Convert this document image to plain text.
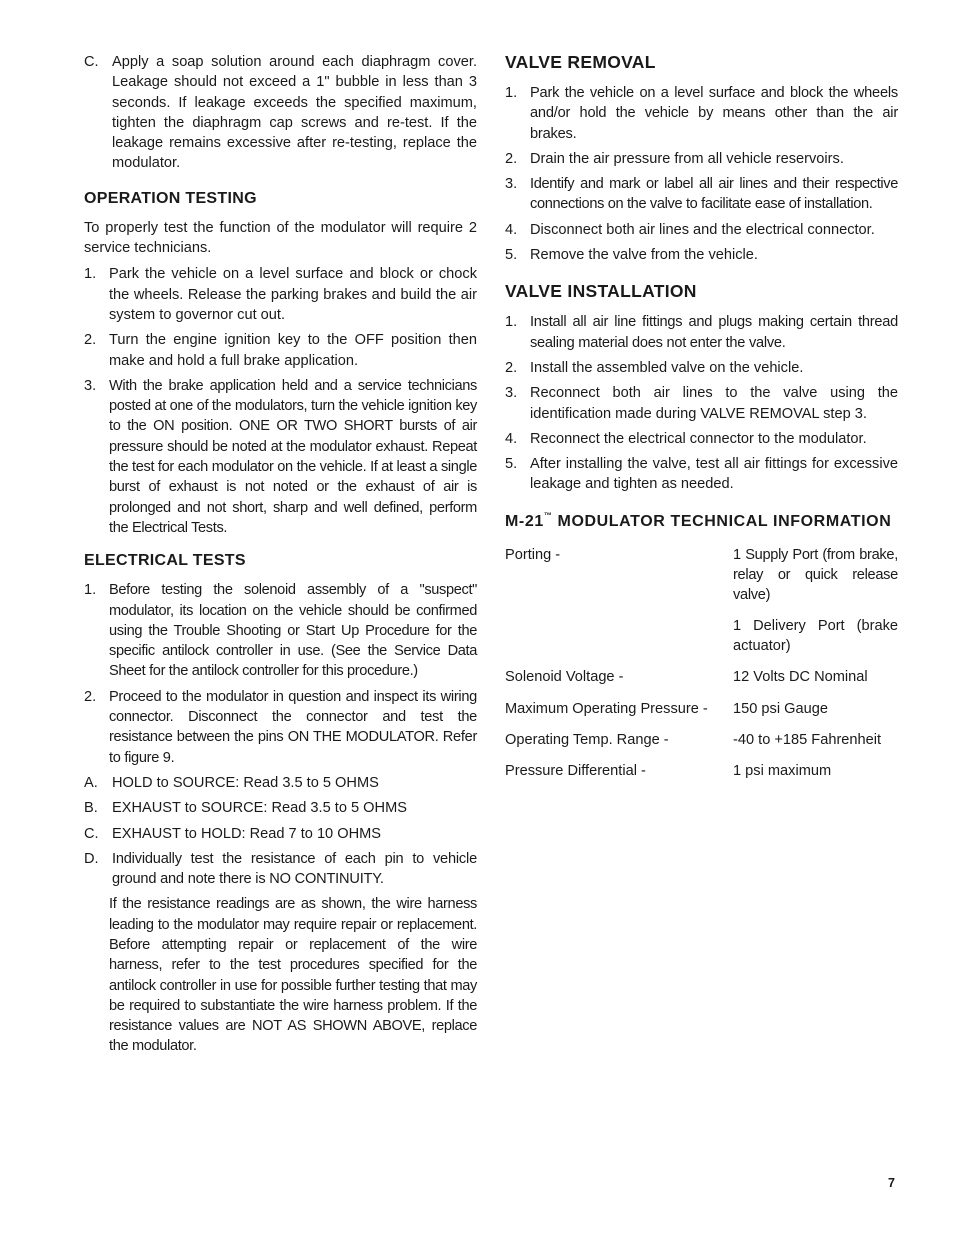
C. Apply a soap solution around each diaphragm cover. Leakage should not exceed a 1" bubble in less than 3 seconds. If leakage exceeds the specified maximum, tighten the diaphragm cap screws and re-test. If the leakage remains excessive after re-testing, replace the modulator.
OPERATION TESTING

To properly test the function of the modulator will require 2 service technicians.

1. Park the vehicle on a level surface and block or chock the wheels. Release the parking brakes and build the air system to governor cut out.
2. Turn the engine ignition key to the OFF position then make and hold a full brake application.
3. With the brake application held and a service technicians posted at one of the modulators, turn the vehicle ignition key to the ON position. ONE OR TWO SHORT bursts of air pressure should be noted at the modulator exhaust. Repeat the test for each modulator on the vehicle. If at least a single burst of exhaust is not noted or the exhaust of air is prolonged and not short, sharp and well defined, perform the Electrical Tests.
ELECTRICAL TESTS
1. Before testing the solenoid assembly of a "suspect" modulator, its location on the vehicle should be confirmed using the Trouble Shooting or Start Up Procedure for the specific antilock controller in use. (See the Service Data Sheet for the antilock controller for this procedure.)
2. Proceed to the modulator in question and inspect its wiring connector. Disconnect the connector and test the resistance between the pins ON THE MODULATOR. Refer to figure 9.
A. HOLD to SOURCE: Read 3.5 to 5 OHMS
B. EXHAUST to SOURCE: Read 3.5 to 5 OHMS
C. EXHAUST to HOLD: Read 7 to 10 OHMS
D. Individually test the resistance of each pin to vehicle ground and note there is NO CONTINUITY.
If the resistance readings are as shown, the wire harness leading to the modulator may require repair or replacement. Before attempting repair or replacement of the wire harness, refer to the test procedures specified for the antilock controller in use for possible further testing that may be required to substantiate the wire harness problem. If the resistance values are NOT AS SHOWN ABOVE, replace the modulator.
VALVE REMOVAL
1. Park the vehicle on a level surface and block the wheels and/or hold the vehicle by means other than the air brakes.
2. Drain the air pressure from all vehicle reservoirs.
3. Identify and mark or label all air lines and their respective connections on the valve to facilitate ease of installation.
4. Disconnect both air lines and the electrical connector.
5. Remove the valve from the vehicle.
VALVE INSTALLATION
1. Install all air line fittings and plugs making certain thread sealing material does not enter the valve.
2. Install the assembled valve on the vehicle.
3. Reconnect both air lines to the valve using the identification made during VALVE REMOVAL step 3.
4. Reconnect the electrical connector to the modulator.
5. After installing the valve, test all air fittings for excessive leakage and tighten as needed.
M-21™ MODULATOR TECHNICAL INFORMATION
Porting -	1 Supply Port (from brake, relay or quick release valve)
1 Delivery Port (brake actuator)
Solenoid Voltage -	12 Volts DC Nominal
Maximum Operating Pressure -	150 psi Gauge
Operating Temp. Range -	-40 to +185 Fahrenheit
Pressure Differential -	1 psi maximum
7
